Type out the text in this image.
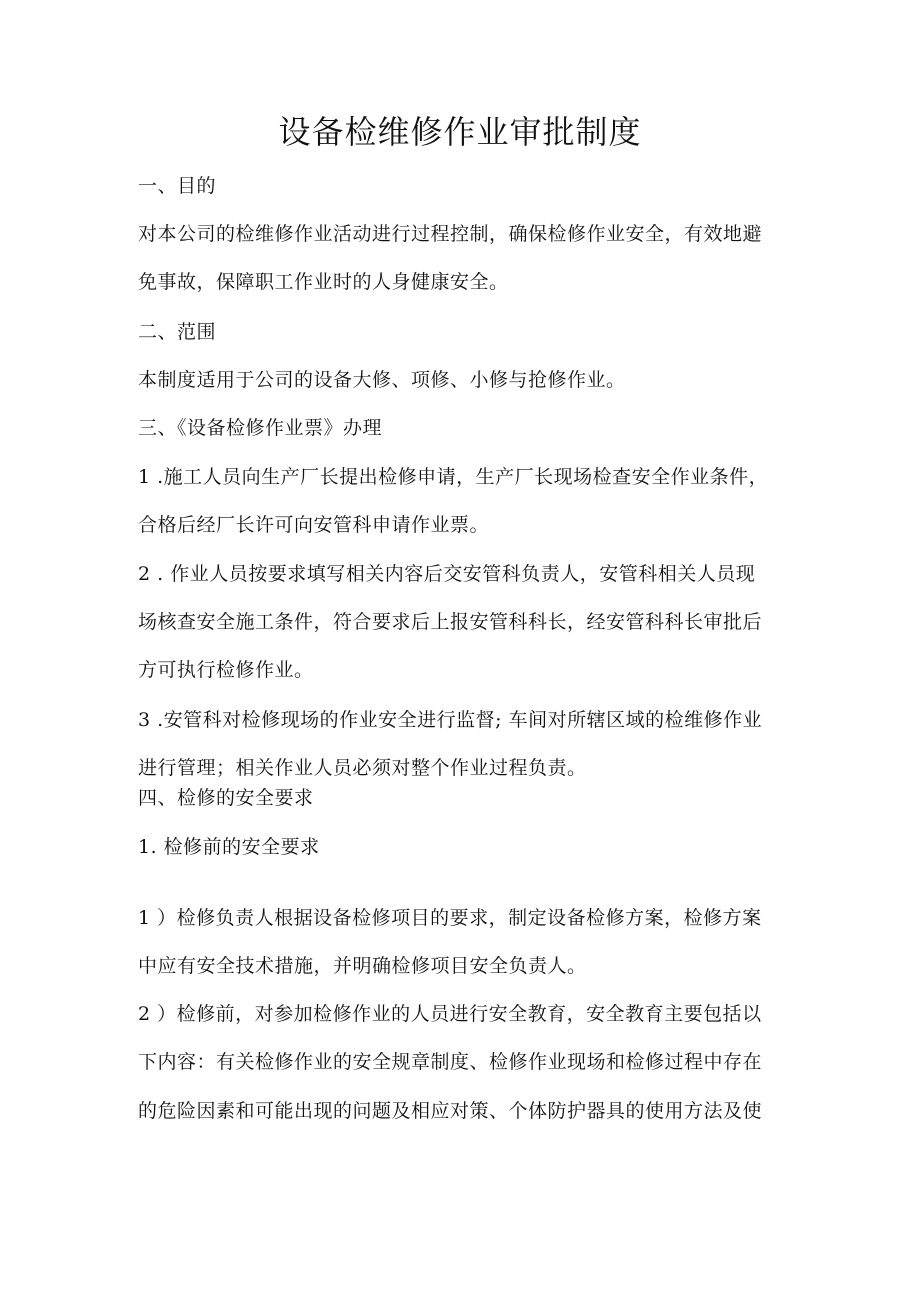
设备检维修作业审批制度
一、目的
对本公司的检维修作业活动进行过程控制，确保检修作业安全，有效地避
免事故，保障职工作业时的人身健康安全。
二、范围
本制度适用于公司的设备大修、项修、小修与抢修作业。
三、《设备检修作业票》办理
1 .施工人员向生产厂长提出检修申请，生产厂长现场检查安全作业条件，
合格后经厂长许可向安管科申请作业票。
2 . 作业人员按要求填写相关内容后交安管科负责人，安管科相关人员现
场核查安全施工条件，符合要求后上报安管科科长，经安管科科长审批后
方可执行检修作业。
3 .安管科对检修现场的作业安全进行监督; 车间对所辖区域的检维修作业
进行管理；相关作业人员必须对整个作业过程负责。
四、检修的安全要求
1. 检修前的安全要求
1 ）检修负责人根据设备检修项目的要求，制定设备检修方案，检修方案
中应有安全技术措施，并明确检修项目安全负责人。
2 ）检修前，对参加检修作业的人员进行安全教育，安全教育主要包括以
下内容：有关检修作业的安全规章制度、检修作业现场和检修过程中存在
的危险因素和可能出现的问题及相应对策、个体防护器具的使用方法及使
